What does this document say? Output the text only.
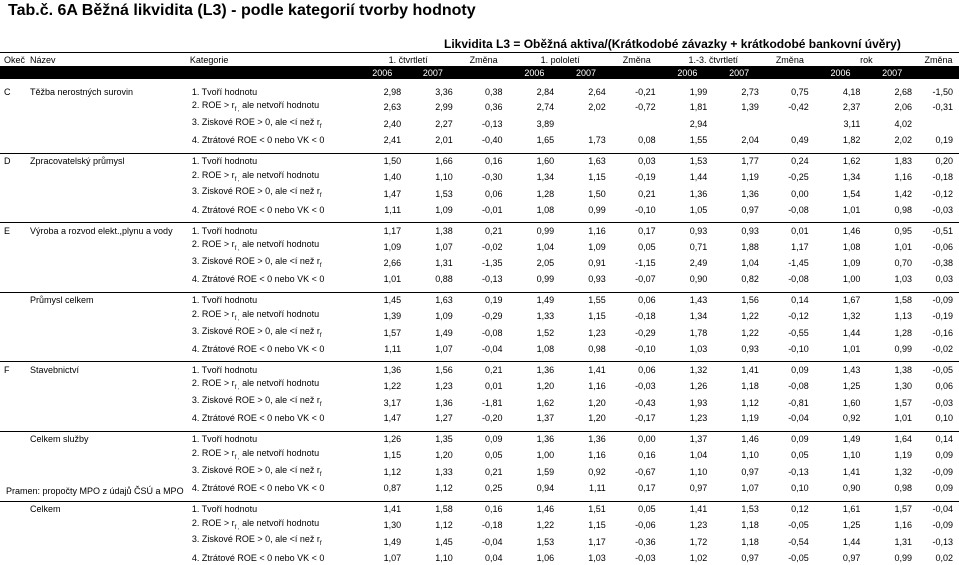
Tab.č. 6A Běžná likvidita (L3) - podle kategorií tvorby hodnoty
Likvidita L3 = Oběžná aktiva/(Krátkodobé závazky + krátkodobé bankovní úvěry)
Okeč	Název	Kategorie	1. čtvrtletí		Změna	1. pololetí		Změna	1.-3. čtvrtletí		Změna	rok		Změna
			2006	2007		2006	2007		2006	2007		2006	2007	

C	Těžba nerostných surovin	1. Tvoří hodnotu	2,98	3,36	0,38	2,84	2,64	-0,21	1,99	2,73	0,75	4,18	2,68	-1,50
		2. ROE > $r_{f ,}$ ale netvoří hodnotu	2,63	2,99	0,36	2,74	2,02	-0,72	1,81	1,39	-0,42	2,37	2,06	-0,31
		3. Ziskové ROE > 0, ale <í než $r_f$	2,40	2,27	-0,13	3,89			2,94			3,11	4,02	
		4. Ztrátové ROE < 0 nebo VK < 0	2,41	2,01	-0,40	1,65	1,73	0,08	1,55	2,04	0,49	1,82	2,02	0,19

D	Zpracovatelský průmysl	1. Tvoří hodnotu	1,50	1,66	0,16	1,60	1,63	0,03	1,53	1,77	0,24	1,62	1,83	0,20
		2. ROE > $r_{f ,}$ ale netvoří hodnotu	1,40	1,10	-0,30	1,34	1,15	-0,19	1,44	1,19	-0,25	1,34	1,16	-0,18
		3. Ziskové ROE > 0, ale <í než $r_f$	1,47	1,53	0,06	1,28	1,50	0,21	1,36	1,36	0,00	1,54	1,42	-0,12
		4. Ztrátové ROE < 0 nebo VK < 0	1,11	1,09	-0,01	1,08	0,99	-0,10	1,05	0,97	-0,08	1,01	0,98	-0,03

E	Výroba a rozvod elekt.,plynu a vody	1. Tvoří hodnotu	1,17	1,38	0,21	0,99	1,16	0,17	0,93	0,93	0,01	1,46	0,95	-0,51
		2. ROE > $r_{f ,}$ ale netvoří hodnotu	1,09	1,07	-0,02	1,04	1,09	0,05	0,71	1,88	1,17	1,08	1,01	-0,06
		3. Ziskové ROE > 0, ale <í než $r_f$	2,66	1,31	-1,35	2,05	0,91	-1,15	2,49	1,04	-1,45	1,09	0,70	-0,38
		4. Ztrátové ROE < 0 nebo VK < 0	1,01	0,88	-0,13	0,99	0,93	-0,07	0,90	0,82	-0,08	1,00	1,03	0,03

	Průmysl celkem	1. Tvoří hodnotu	1,45	1,63	0,19	1,49	1,55	0,06	1,43	1,56	0,14	1,67	1,58	-0,09
		2. ROE > $r_{f ,}$ ale netvoří hodnotu	1,39	1,09	-0,29	1,33	1,15	-0,18	1,34	1,22	-0,12	1,32	1,13	-0,19
		3. Ziskové ROE > 0, ale <í než $r_f$	1,57	1,49	-0,08	1,52	1,23	-0,29	1,78	1,22	-0,55	1,44	1,28	-0,16
		4. Ztrátové ROE < 0 nebo VK < 0	1,11	1,07	-0,04	1,08	0,98	-0,10	1,03	0,93	-0,10	1,01	0,99	-0,02

F	Stavebnictví	1. Tvoří hodnotu	1,36	1,56	0,21	1,36	1,41	0,06	1,32	1,41	0,09	1,43	1,38	-0,05
		2. ROE > $r_{f ,}$ ale netvoří hodnotu	1,22	1,23	0,01	1,20	1,16	-0,03	1,26	1,18	-0,08	1,25	1,30	0,06
		3. Ziskové ROE > 0, ale <í než $r_f$	3,17	1,36	-1,81	1,62	1,20	-0,43	1,93	1,12	-0,81	1,60	1,57	-0,03
		4. Ztrátové ROE < 0 nebo VK < 0	1,47	1,27	-0,20	1,37	1,20	-0,17	1,23	1,19	-0,04	0,92	1,01	0,10

	Celkem služby	1. Tvoří hodnotu	1,26	1,35	0,09	1,36	1,36	0,00	1,37	1,46	0,09	1,49	1,64	0,14
		2. ROE > $r_{f ,}$ ale netvoří hodnotu	1,15	1,20	0,05	1,00	1,16	0,16	1,04	1,10	0,05	1,10	1,19	0,09
		3. Ziskové ROE > 0, ale <í než $r_f$	1,12	1,33	0,21	1,59	0,92	-0,67	1,10	0,97	-0,13	1,41	1,32	-0,09
		4. Ztrátové ROE < 0 nebo VK < 0	0,87	1,12	0,25	0,94	1,11	0,17	0,97	1,07	0,10	0,90	0,98	0,09

	Celkem	1. Tvoří hodnotu	1,41	1,58	0,16	1,46	1,51	0,05	1,41	1,53	0,12	1,61	1,57	-0,04
		2. ROE > $r_{f ,}$ ale netvoří hodnotu	1,30	1,12	-0,18	1,22	1,15	-0,06	1,23	1,18	-0,05	1,25	1,16	-0,09
		3. Ziskové ROE > 0, ale <í než $r_f$	1,49	1,45	-0,04	1,53	1,17	-0,36	1,72	1,18	-0,54	1,44	1,31	-0,13
		4. Ztrátové ROE < 0 nebo VK < 0	1,07	1,10	0,04	1,06	1,03	-0,03	1,02	0,97	-0,05	0,97	0,99	0,02
Pramen: propočty MPO z údajů ČSÚ a MPO
